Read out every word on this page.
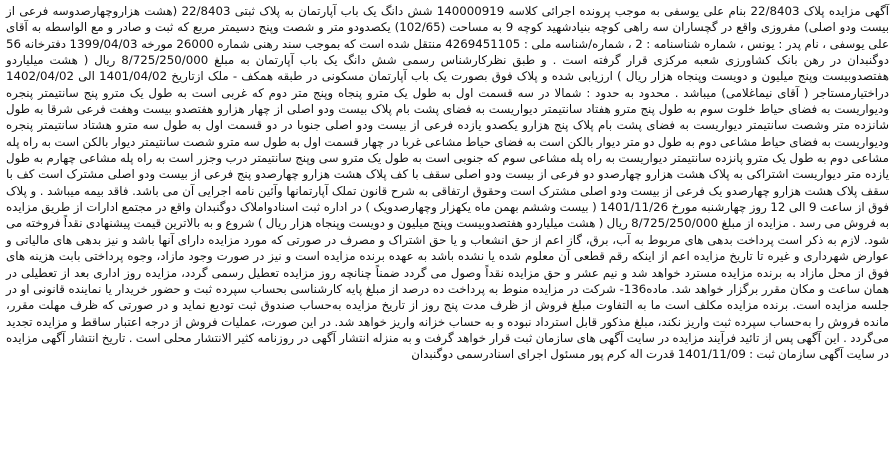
آگهی مزایده پلاک 22/8403 بنام علی یوسفی به موجب پرونده اجرائی کلاسه 140000919 شش دانگ یک باب آپارتمان به پلاک ثبتی 22/8403 (هشت هزاروچهارصدوسه فرعی از بیست ودو اصلی) مفروزی واقع در گچساران سه راهی کوچه بنیادشهید کوچه 9 به مساحت (102/65) یکصدودو متر و شصت وپنج دسیمتر مربع که ثبت و صادر و مع الواسطه به آقای علی یوسفی ، نام پدر : یونس ، شماره شناسنامه : 2 ، شماره/شناسه ملی : 4269451105 منتقل شده است که بموجب سند رهنی شماره 26000 مورخه 1399/04/03 دفترخانه 56 دوگنبدان در رهن بانک کشاورزی شعبه مرکزی قرار گرفته است . و طبق نظرکارشناس رسمی شش دانگ یک باب آپارتمان به مبلغ 8/725/250/000 ریال ( هشت میلیاردو هفتصدوبیست وپنج میلیون و دویست وپنجاه هزار ریال ) ارزیابی شده و پلاک فوق بصورت یک باب آپارتمان مسکونی در طبقه همکف - ملک ازتاریخ 1401/04/02 الی 1402/04/02 دراختیارمستاجر ( آقای نیماغلامی) میباشد . محدود به حدود : شمالا در سه قسمت اول به طول یک مترو پنجاه وپنج متر دوم که غربی است به طول یک مترو پنج سانتیمتر پنجره ودیواریست به فضای حیاط خلوت سوم به طول پنج مترو هفتاد سانتیمتر دیواریست به فضای پشت بام پلاک بیست ودو اصلی از چهار هزارو هفتصدو بیست وهفت فرعی شرقا به طول شانزده متر وشصت سانتیمتر دیواریست به فضای پشت بام پلاک پنج هزارو یکصدو یازده فرعی از بیست ودو اصلی جنوبا در دو قسمت اول به طول سه مترو هشتاد سانتیمتر پنجره ودیواریست به فضای حیاط مشاعی دوم به طول دو متر دیوار بالکن است به فضای حیاط مشاعی غربا در چهار قسمت اول به طول سه مترو شصت سانتیمتر دیوار بالکن است به راه پله مشاعی دوم به طول یک مترو پانزده سانتیمتر دیواریست به راه پله مشاعی سوم که جنوبی است به طول یک مترو سی وپنج سانتیمتر درب وجزر است به راه پله مشاعی چهارم به طول یازده متر دیواریست اشتراکی به پلاک هشت هزارو چهارصدو دو فرعی از بیست ودو اصلی سقف با کف پلاک هشت هزارو چهارصدو پنج فرعی از بیست ودو اصلی مشترک است کف با سقف پلاک هشت هزارو چهارصدو یک فرعی از بیست ودو اصلی مشترک است وحقوق ارتفاقی به شرح قانون تملک آپارتمانها وآئین نامه اجرایی آن می باشد. فاقد بیمه میباشد . و پلاک فوق از ساعت 9 الی 12 روز چهارشنبه مورخ 1401/11/26 ( بیست وششم بهمن ماه یکهزار وچهارصدویک ) در اداره ثبت اسنادواملاک دوگنبدان واقع در مجتمع ادارات از طریق مزایده به فروش می رسد . مزایده از مبلغ 8/725/250/000 ریال ( هشت میلیاردو هفتصدوبیست وپنج میلیون و دویست وپنجاه هزار ریال ) شروع و به بالاترین قیمت پیشنهادی نقداً فروخته می شود. لازم به ذکر است پرداخت بدهی های مربوط به آب، برق، گاز اعم از حق انشعاب و یا حق اشتراک و مصرف در صورتی که مورد مزایده دارای آنها باشد و نیز بدهی های مالیاتی و عوارض شهرداری و غیره تا تاریخ مزایده اعم از اینکه رقم قطعی آن معلوم شده یا نشده باشد به عهده برنده مزایده است و نیز در صورت وجود مازاد، وجوه پرداختی بابت هزینه های فوق از محل مازاد به برنده مزایده مسترد خواهد شد و نیم عشر و حق مزایده نقداً وصول می گردد ضمناً چنانچه روز مزایده تعطیل رسمی گردد، مزایده روز اداری بعد از تعطیلی در همان ساعت و مکان مقرر برگزار خواهد شد. ماده136- شرکت در مزایده منوط به پرداخت ده درصد از مبلغ پایه کارشناسی بحساب سپرده ثبت و حضور خریدار یا نماینده قانونی او در جلسه مزایده است. برنده مزایده مکلف است ما به التفاوت مبلغ فروش از ظرف مدت پنج روز از تاریخ مزایده به‌حساب صندوق ثبت تودیع نماید و در صورتی که ظرف مهلت مقرر، مانده فروش را به‌حساب سپرده ثبت واریز نکند، مبلغ مذکور قابل استرداد نبوده و به حساب خزانه واریز خواهد شد. در این صورت، عملیات فروش از درجه اعتبار ساقط و مزایده تجدید می‌گردد . این آگهی پس از تائید فرآیند مزایده در سایت آگهی های سازمان ثبت قرار خواهد گرفت و به منزله انتشار آگهی در روزنامه کثیر الانتشار محلی است . تاریخ انتشار آگهی مزایده در سایت آگهی سازمان ثبت : 1401/11/09 قدرت اله کرم پور مسئول اجرای اسنادرسمی دوگنبدان
